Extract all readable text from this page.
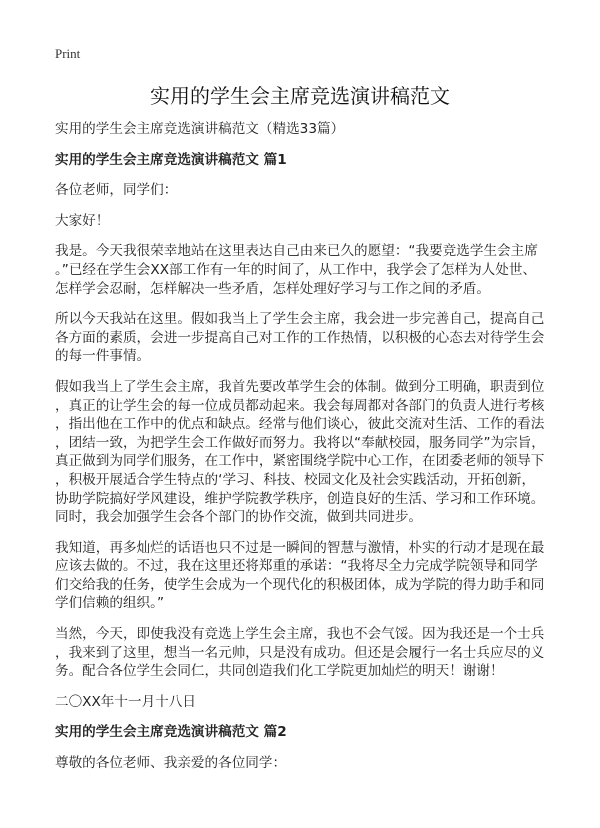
Print
实用的学生会主席竞选演讲稿范文

实用的学生会主席竞选演讲稿范文（精选33篇）

实用的学生会主席竞选演讲稿范文 篇1

各位老师，同学们：

大家好！

我是。今天我很荣幸地站在这里表达自己由来已久的愿望：“我要竞选学生会主席
。”已经在学生会XX部工作有一年的时间了，从工作中，我学会了怎样为人处世、
怎样学会忍耐，怎样解决一些矛盾，怎样处理好学习与工作之间的矛盾。

所以今天我站在这里。假如我当上了学生会主席，我会进一步完善自己，提高自己
各方面的素质，会进一步提高自己对工作的工作热情，以积极的心态去对待学生会
的每一件事情。

假如我当上了学生会主席，我首先要改革学生会的体制。做到分工明确，职责到位
，真正的让学生会的每一位成员都动起来。我会每周都对各部门的负责人进行考核
，指出他在工作中的优点和缺点。经常与他们谈心，彼此交流对生活、工作的看法
，团结一致，为把学生会工作做好而努力。我将以“奉献校园，服务同学”为宗旨，
真正做到为同学们服务，在工作中，紧密围绕学院中心工作，在团委老师的领导下
，积极开展适合学生特点的‘学习、科技、校园文化及社会实践活动，开拓创新，
协助学院搞好学风建设，维护学院教学秩序，创造良好的生活、学习和工作环境。
同时，我会加强学生会各个部门的协作交流，做到共同进步。

我知道，再多灿烂的话语也只不过是一瞬间的智慧与激情，朴实的行动才是现在最
应该去做的。不过，我在这里还将郑重的承诺：“我将尽全力完成学院领导和同学
们交给我的任务，使学生会成为一个现代化的积极团体，成为学院的得力助手和同
学们信赖的组织。”

当然，今天，即使我没有竞选上学生会主席，我也不会气馁。因为我还是一个士兵
，我来到了这里，想当一名元帅，只是没有成功。但还是会履行一名士兵应尽的义
务。配合各位学生会同仁，共同创造我们化工学院更加灿烂的明天！谢谢！

二〇XX年十一月十八日

实用的学生会主席竞选演讲稿范文 篇2

尊敬的各位老师、我亲爱的各位同学：
